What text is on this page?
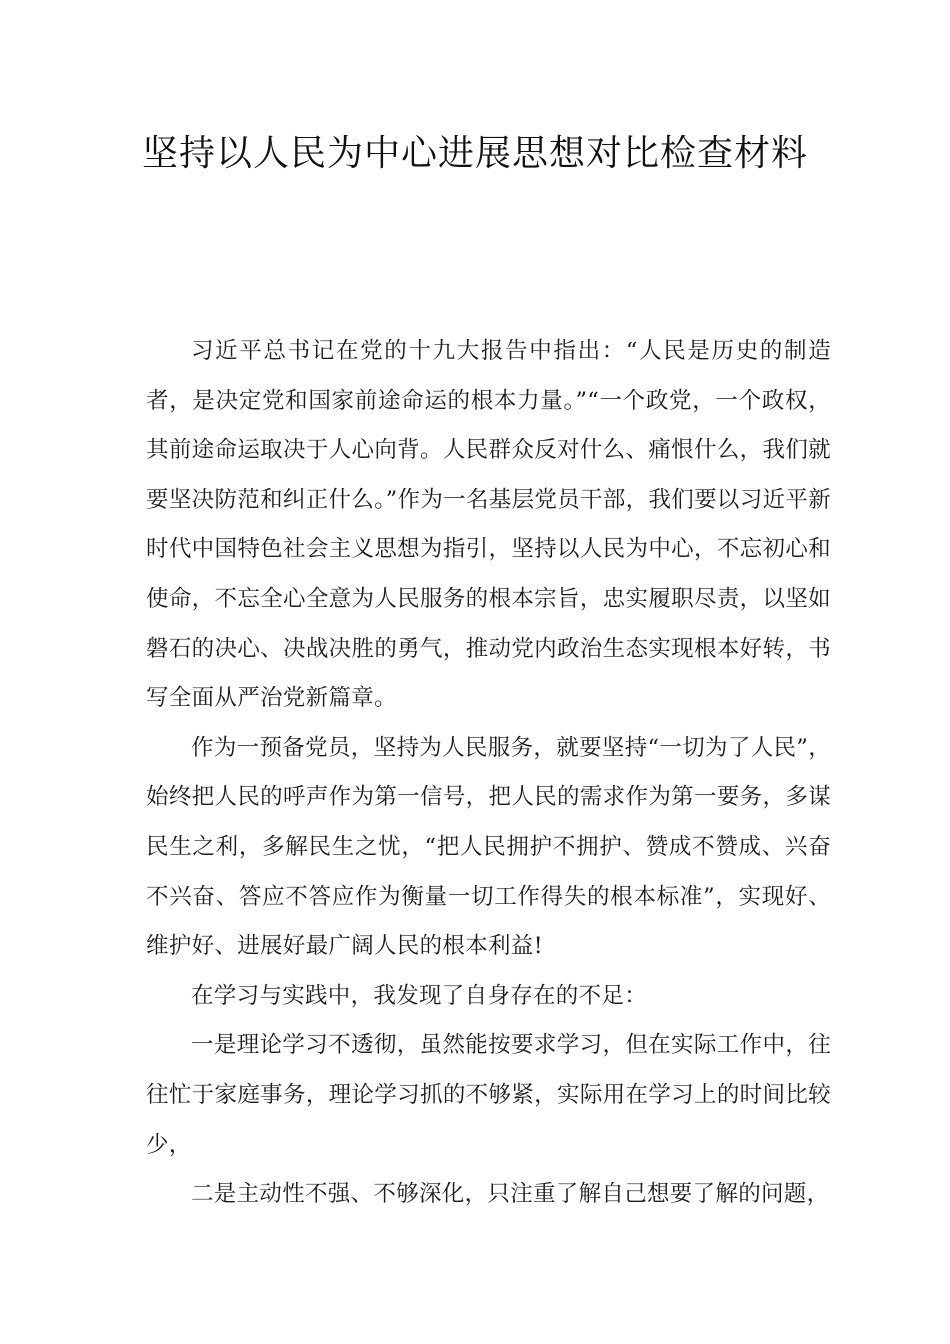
坚持以人民为中心进展思想对比检查材料

习近平总书记在党的十九大报告中指出：“人民是历史的制造者，是决定党和国家前途命运的根本力量。”“一个政党，一个政权，其前途命运取决于人心向背。人民群众反对什么、痛恨什么，我们就要坚决防范和纠正什么。”作为一名基层党员干部，我们要以习近平新时代中国特色社会主义思想为指引，坚持以人民为中心，不忘初心和使命，不忘全心全意为人民服务的根本宗旨，忠实履职尽责，以坚如磐石的决心、决战决胜的勇气，推动党内政治生态实现根本好转，书写全面从严治党新篇章。

作为一预备党员，坚持为人民服务，就要坚持“一切为了人民”，始终把人民的呼声作为第一信号，把人民的需求作为第一要务，多谋民生之利，多解民生之忧，“把人民拥护不拥护、赞成不赞成、兴奋不兴奋、答应不答应作为衡量一切工作得失的根本标准”，实现好、维护好、进展好最广阔人民的根本利益!

在学习与实践中，我发现了自身存在的不足：

一是理论学习不透彻，虽然能按要求学习，但在实际工作中，往往忙于家庭事务，理论学习抓的不够紧，实际用在学习上的时间比较少，

二是主动性不强、不够深化，只注重了解自己想要了解的问题，
